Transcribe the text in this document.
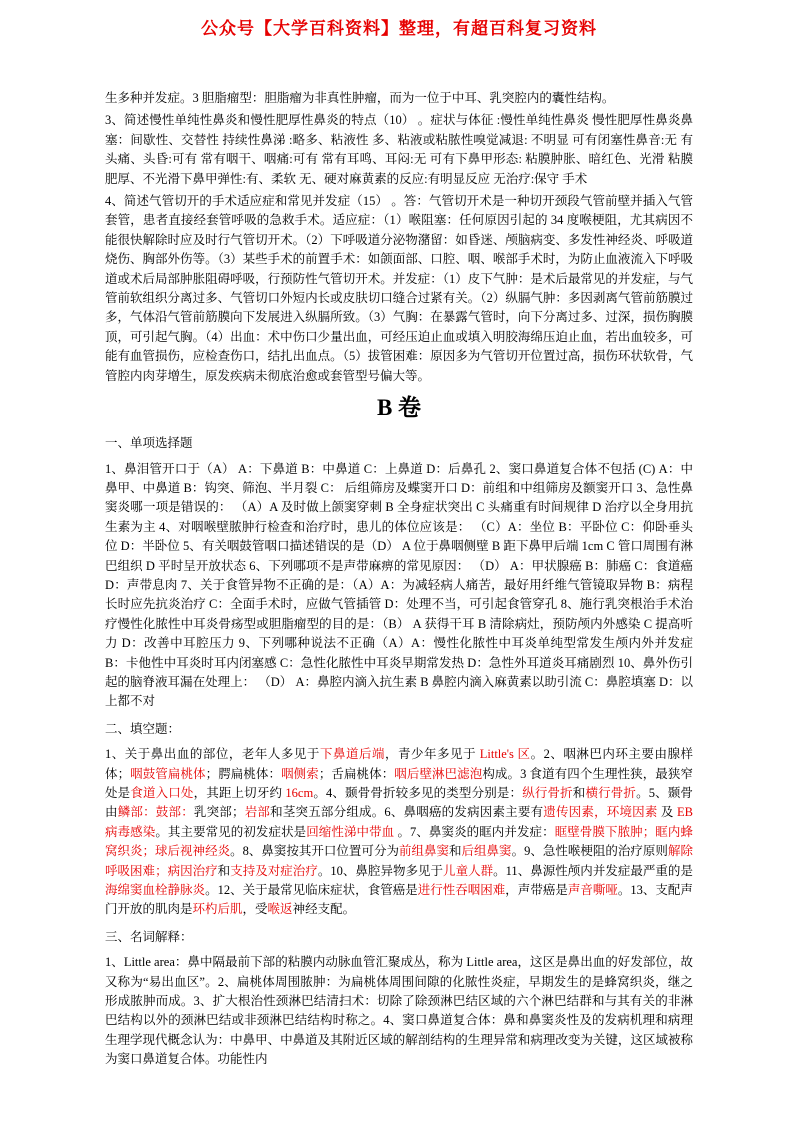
公众号【大学百科资料】整理，有超百科复习资料
生多种并发症。3 胆脂瘤型：胆脂瘤为非真性肿瘤，而为一位于中耳、乳突腔内的囊性结构。
3、简述慢性单纯性鼻炎和慢性肥厚性鼻炎的特点（10） 。症状与体征 :慢性单纯性鼻炎 慢性肥厚性鼻炎鼻塞：间歇性、交替性 持续性鼻涕 :略多、粘液性 多、粘液或粘脓性嗅觉减退: 不明显 可有闭塞性鼻音:无 有头痛、头昏:可有 常有咽干、咽痛:可有 常有耳鸣、耳闷:无 可有下鼻甲形态: 粘膜肿胀、暗红色、光滑 粘膜肥厚、不光滑下鼻甲弹性:有、柔软 无、硬对麻黄素的反应:有明显反应 无治疗:保守 手术
4、简述气管切开的手术适应症和常见并发症（15） 。答：气管切开术是一种切开颈段气管前壁并插入气管套管，患者直接经套管呼吸的急救手术。适应症：（1）喉阻塞：任何原因引起的 34 度喉梗阻，尤其病因不能很快解除时应及时行气管切开术。（2）下呼吸道分泌物潴留：如昏迷、颅脑病变、多发性神经炎、呼吸道烧伤、胸部外伤等。（3）某些手术的前置手术：如颌面部、口腔、咽、喉部手术时，为防止血液流入下呼吸道或术后局部肿胀阻碍呼吸，行预防性气管切开术。并发症：（1）皮下气肿：是术后最常见的并发症，与气管前软组织分离过多、气管切口外短内长或皮肤切口缝合过紧有关。（2）纵膈气肿：多因剥离气管前筋膜过多，气体沿气管前筋膜向下发展进入纵膈所致。（3）气胸：在暴露气管时，向下分离过多、过深，损伤胸膜顶，可引起气胸。（4）出血：术中伤口少量出血，可经压迫止血或填入明胶海绵压迫止血，若出血较多，可能有血管损伤，应检查伤口，结扎出血点。（5）拔管困难：原因多为气管切开位置过高，损伤环状软骨，气管腔内肉芽增生，原发疾病未彻底治愈或套管型号偏大等。
B 卷
一、单项选择题
1、鼻泪管开口于（A） A：下鼻道 B：中鼻道 C：上鼻道 D：后鼻孔 2、窦口鼻道复合体不包括 (C) A：中鼻甲、中鼻道 B：钩突、筛泡、半月裂 C： 后组筛房及蝶窦开口 D：前组和中组筛房及额窦开口 3、急性鼻窦炎哪一项是错误的： （A）A 及时做上颌窦穿刺 B 全身症状突出 C 头痛重有时间规律 D 治疗以全身用抗生素为主 4、对咽喉壁脓肿行检查和治疗时，患儿的体位应该是： （C）A：坐位 B：平卧位 C：仰卧垂头位 D：半卧位 5、有关咽鼓管咽口描述错误的是（D） A 位于鼻咽侧壁 B 距下鼻甲后端 1cm C 管口周围有淋巴组织 D 平时呈开放状态 6、下列哪项不是声带麻痹的常见原因： （D） A：甲状腺癌 B：肺癌 C：食道癌 D：声带息肉 7、关于食管异物不正确的是：（A）A：为减轻病人痛苦，最好用纤维气管镜取异物 B：病程长时应先抗炎治疗 C：全面手术时，应做气管插管 D：处理不当，可引起食管穿孔 8、施行乳突根治手术治疗慢性化脓性中耳炎骨疡型或胆脂瘤型的目的是：（B） A 获得干耳 B 清除病灶，预防颅内外感染 C 提高听力 D：改善中耳腔压力 9、下列哪种说法不正确（A）A：慢性化脓性中耳炎单纯型常发生颅内外并发症 B：卡他性中耳炎时耳内闭塞感 C：急性化脓性中耳炎早期常发热 D：急性外耳道炎耳痛剧烈 10、鼻外伤引起的脑脊液耳漏在处理上： （D） A：鼻腔内滴入抗生素 B 鼻腔内滴入麻黄素以助引流 C：鼻腔填塞 D：以上都不对
二、填空题：
1、关于鼻出血的部位，老年人多见于下鼻道后端，青少年多见于 Little's 区。2、咽淋巴内环主要由腺样体；咽鼓管扁桃体；腭扁桃体：咽侧索；舌扁桃体：咽后壁淋巴滤泡构成。3 食道有四个生理性狭，最狭窄处是食道入口处，其距上切牙约 16cm。4、颞骨骨折较多见的类型分别是：纵行骨折和横行骨折。5、颞骨由鳞部：鼓部：乳突部；岩部和茎突五部分组成。6、鼻咽癌的发病因素主要有遗传因素，环境因素 及 EB 病毒感染。其主要常见的初发症状是回缩性涕中带血 。7、鼻窦炎的眶内并发症：眶壁骨膜下脓肿；眶内蜂窝织炎；球后视神经炎。8、鼻窦按其开口位置可分为前组鼻窦和后组鼻窦。9、急性喉梗阻的治疗原则解除呼吸困难；病因治疗和支持及对症治疗。10、鼻腔异物多见于儿童人群。11、鼻源性颅内并发症最严重的是海绵窦血栓静脉炎。12、关于最常见临床症状，食管癌是进行性吞咽困难，声带癌是声音嘶哑。13、支配声门开放的肌肉是环杓后肌，受喉返神经支配。
三、名词解释：
1、Little area：鼻中隔最前下部的粘膜内动脉血管汇聚成丛，称为 Little area，这区是鼻出血的好发部位，故又称为“易出血区”。2、扁桃体周围脓肿：为扁桃体周围间隙的化脓性炎症，早期发生的是蜂窝织炎，继之形成脓肿而成。3、扩大根治性颈淋巴结清扫术：切除了除颈淋巴结区域的六个淋巴结群和与其有关的非淋巴结构以外的颈淋巴结或非颈淋巴结结构时称之。4、窦口鼻道复合体：鼻和鼻窦炎性及的发病机理和病理生理学现代概念认为：中鼻甲、中鼻道及其附近区域的解剖结构的生理异常和病理改变为关键，这区域被称为窦口鼻道复合体。功能性内
